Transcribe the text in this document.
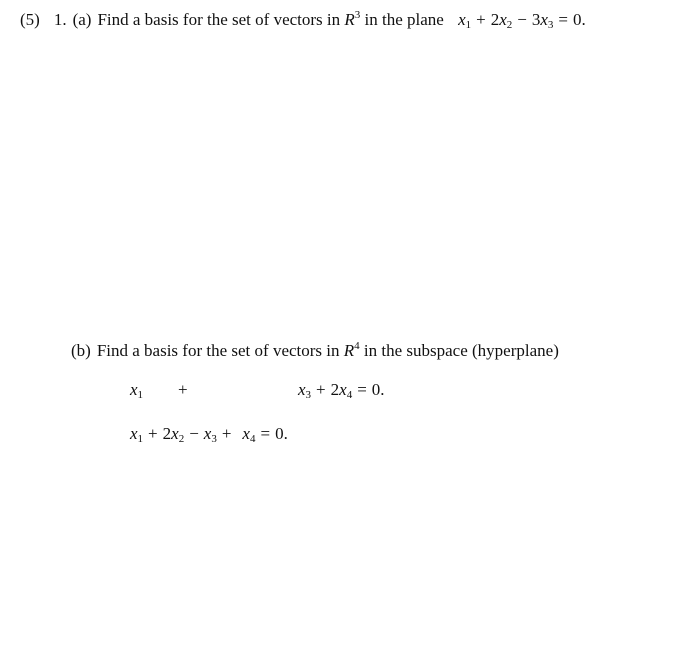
(5) 1. (a) Find a basis for the set of vectors in $R^3$ in the plane $x_1 + 2x_2 - 3x_3 = 0$.
(b) Find a basis for the set of vectors in $R^4$ in the subspace (hyperplane)
$x_1$ +	$x_3 + 2x_4 = 0$.
$x_1 + 2x_2 - x_3 + x_4 = 0$.
